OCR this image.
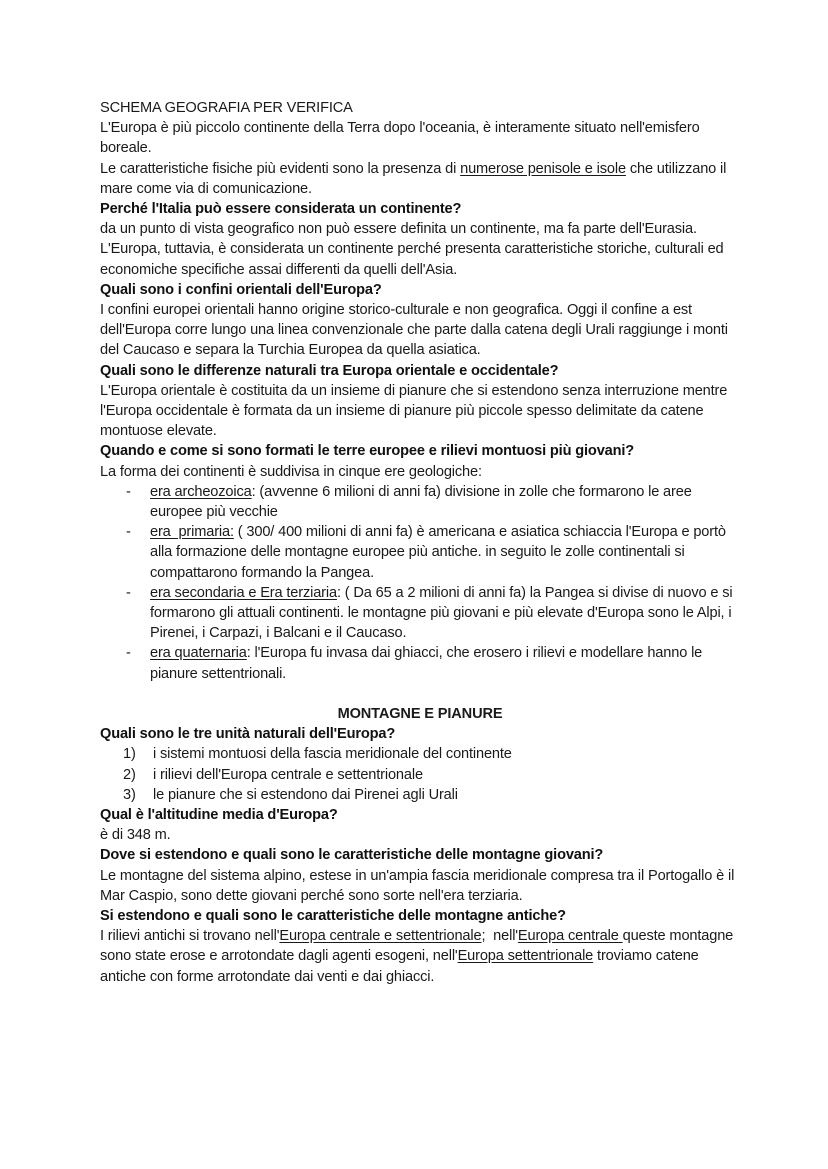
SCHEMA GEOGRAFIA PER VERIFICA

L'Europa è più piccolo continente della Terra dopo l'oceania, è interamente situato nell'emisfero boreale.

Le caratteristiche fisiche più evidenti sono la presenza di numerose penisole e isole che utilizzano il mare come via di comunicazione.

Perché l'Italia può essere considerata un continente?

da un punto di vista geografico non può essere definita un continente, ma fa parte dell'Eurasia.

L'Europa, tuttavia, è considerata un continente perché presenta caratteristiche storiche, culturali ed economiche specifiche assai differenti da quelli dell'Asia.

Quali sono i confini orientali dell'Europa?

I confini europei orientali hanno origine storico-culturale e non geografica. Oggi il confine a est dell'Europa corre lungo una linea convenzionale che parte dalla catena degli Urali raggiunge i monti del Caucaso e separa la Turchia Europea da quella asiatica.

Quali sono le differenze naturali tra Europa orientale e occidentale?

L'Europa orientale è costituita da un insieme di pianure che si estendono senza interruzione mentre l'Europa occidentale è formata da un insieme di pianure più piccole spesso delimitate da catene montuose elevate.

Quando e come si sono formati le terre europee e rilievi montuosi più giovani?

La forma dei continenti è suddivisa in cinque ere geologiche:

- era archeozoica: (avvenne 6 milioni di anni fa) divisione in zolle che formarono le aree europee più vecchie
- era  primaria: ( 300/ 400 milioni di anni fa) è americana e asiatica schiaccia l'Europa e portò alla formazione delle montagne europee più antiche. in seguito le zolle continentali si compattarono formando la Pangea.
- era secondaria e Era terziaria: ( Da 65 a 2 milioni di anni fa) la Pangea si divise di nuovo e si formarono gli attuali continenti. le montagne più giovani e più elevate d'Europa sono le Alpi, i Pirenei, i Carpazi, i Balcani e il Caucaso.
- era quaternaria: l'Europa fu invasa dai ghiacci, che erosero i rilievi e modellare hanno le pianure settentrionali.

MONTAGNE E PIANURE

Quali sono le tre unità naturali dell'Europa?

1) i sistemi montuosi della fascia meridionale del continente
2) i rilievi dell'Europa centrale e settentrionale
3) le pianure che si estendono dai Pirenei agli Urali

Qual è l'altitudine media d'Europa?

è di 348 m.

Dove si estendono e quali sono le caratteristiche delle montagne giovani?

Le montagne del sistema alpino, estese in un'ampia fascia meridionale compresa tra il Portogallo è il Mar Caspio, sono dette giovani perché sono sorte nell'era terziaria.

Si estendono e quali sono le caratteristiche delle montagne antiche?

I rilievi antichi si trovano nell'Europa centrale e settentrionale;  nell'Europa centrale queste montagne sono state erose e arrotondate dagli agenti esogeni, nell'Europa settentrionale troviamo catene antiche con forme arrotondate dai venti e dai ghiacci.
